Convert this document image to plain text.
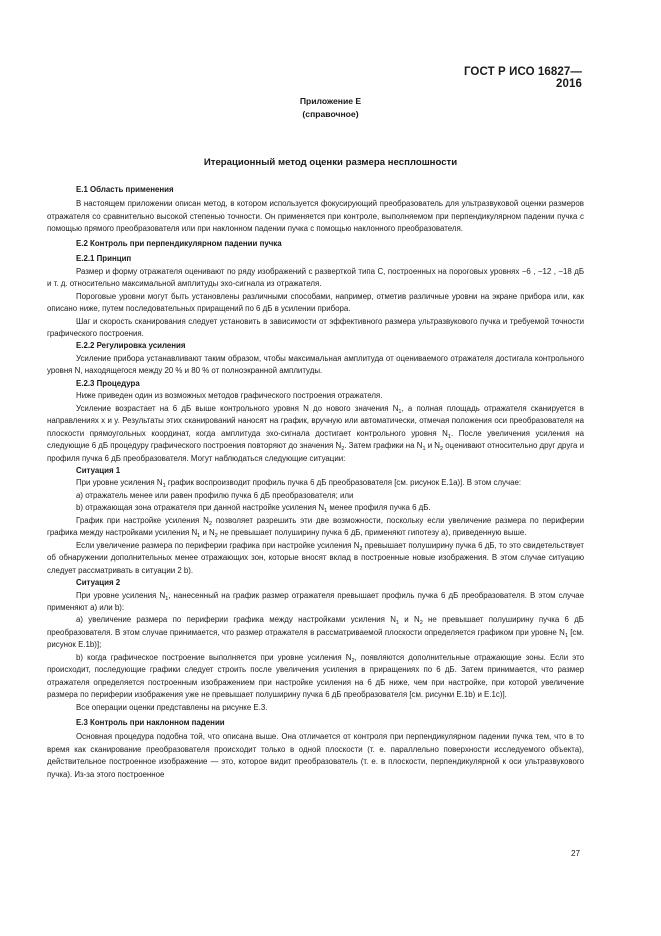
ГОСТ Р ИСО 16827—2016
Приложение Е
(справочное)
Итерационный метод оценки размера несплошности

E.1 Область применения

В настоящем приложении описан метод, в котором используется фокусирующий преобразователь для ультразвуковой оценки размеров отражателя со сравнительно высокой степенью точности. Он применяется при контроле, выполняемом при перпендикулярном падении пучка с помощью прямого преобразователя или при наклонном падении пучка с помощью наклонного преобразователя.

E.2 Контроль при перпендикулярном падении пучка

E.2.1 Принцип

Размер и форму отражателя оценивают по ряду изображений с разверткой типа С, построенных на пороговых уровнях −6 , −12 , −18 дБ и т. д. относительно максимальной амплитуды эхо-сигнала из отражателя.

Пороговые уровни могут быть установлены различными способами, например, отметив различные уровни на экране прибора или, как описано ниже, путем последовательных приращений по 6 дБ в усилении прибора.

Шаг и скорость сканирования следует установить в зависимости от эффективного размера ультразвукового пучка и требуемой точности графического построения.

E.2.2 Регулировка усиления

Усиление прибора устанавливают таким образом, чтобы максимальная амплитуда от оцениваемого отражателя достигала контрольного уровня N, находящегося между 20 % и 80 % от полноэкранной амплитуды.

E.2.3 Процедура

Ниже приведен один из возможных методов графического построения отражателя.

Усиление возрастает на 6 дБ выше контрольного уровня N до нового значения $N_1$, а полная площадь отражателя сканируется в направлениях x и y. Результаты этих сканирований наносят на график, вручную или автоматически, отмечая положения оси преобразователя на плоскости прямоугольных координат, когда амплитуда эхо-сигнала достигает контрольного уровня $N_1$. После увеличения усиления на следующие 6 дБ процедуру графического построения повторяют до значения $N_2$. Затем графики на $N_1$ и $N_2$ оценивают относительно друг друга и профиля пучка 6 дБ преобразователя. Могут наблюдаться следующие ситуации:

Ситуация 1

При уровне усиления $N_1$ график воспроизводит профиль пучка 6 дБ преобразователя [см. рисунок E.1а)]. В этом случае:

а) отражатель менее или равен профилю пучка 6 дБ преобразователя; или

b) отражающая зона отражателя при данной настройке усиления $N_1$ менее профиля пучка 6 дБ.

График при настройке усиления $N_2$ позволяет разрешить эти две возможности, поскольку если увеличение размера по периферии графика между настройками усиления $N_1$ и $N_2$ не превышает полуширину пучка 6 дБ, применяют гипотезу а), приведенную выше.

Если увеличение размера по периферии графика при настройке усиления $N_2$ превышает полуширину пучка 6 дБ, то это свидетельствует об обнаружении дополнительных менее отражающих зон, которые вносят вклад в построенные новые изображения. В этом случае ситуацию следует рассматривать в ситуации 2 b).

Ситуация 2

При уровне усиления $N_1$, нанесенный на график размер отражателя превышает профиль пучка 6 дБ преобразователя. В этом случае применяют а) или b):

а) увеличение размера по периферии графика между настройками усиления $N_1$ и $N_2$ не превышает полуширину пучка 6 дБ преобразователя. В этом случае принимается, что размер отражателя в рассматриваемой плоскости определяется графиком при уровне $N_1$ [см. рисунок E.1b)];

b) когда графическое построение выполняется при уровне усиления $N_2$, появляются дополнительные отражающие зоны. Если это происходит, последующие графики следует строить после увеличения усиления в приращениях по 6 дБ. Затем принимается, что размер отражателя определяется построенным изображением при настройке усиления на 6 дБ ниже, чем при настройке, при которой увеличение размера по периферии изображения уже не превышает полуширину пучка 6 дБ преобразователя [см. рисунки E.1b) и E.1c)].

Все операции оценки представлены на рисунке E.3.

E.3 Контроль при наклонном падении

Основная процедура подобна той, что описана выше. Она отличается от контроля при перпендикулярном падении пучка тем, что в то время как сканирование преобразователя происходит только в одной плоскости (т. е. параллельно поверхности исследуемого объекта), действительное построенное изображение — это, которое видит преобразователь (т. е. в плоскости, перпендикулярной к оси ультразвукового пучка). Из-за этого построенное

27
